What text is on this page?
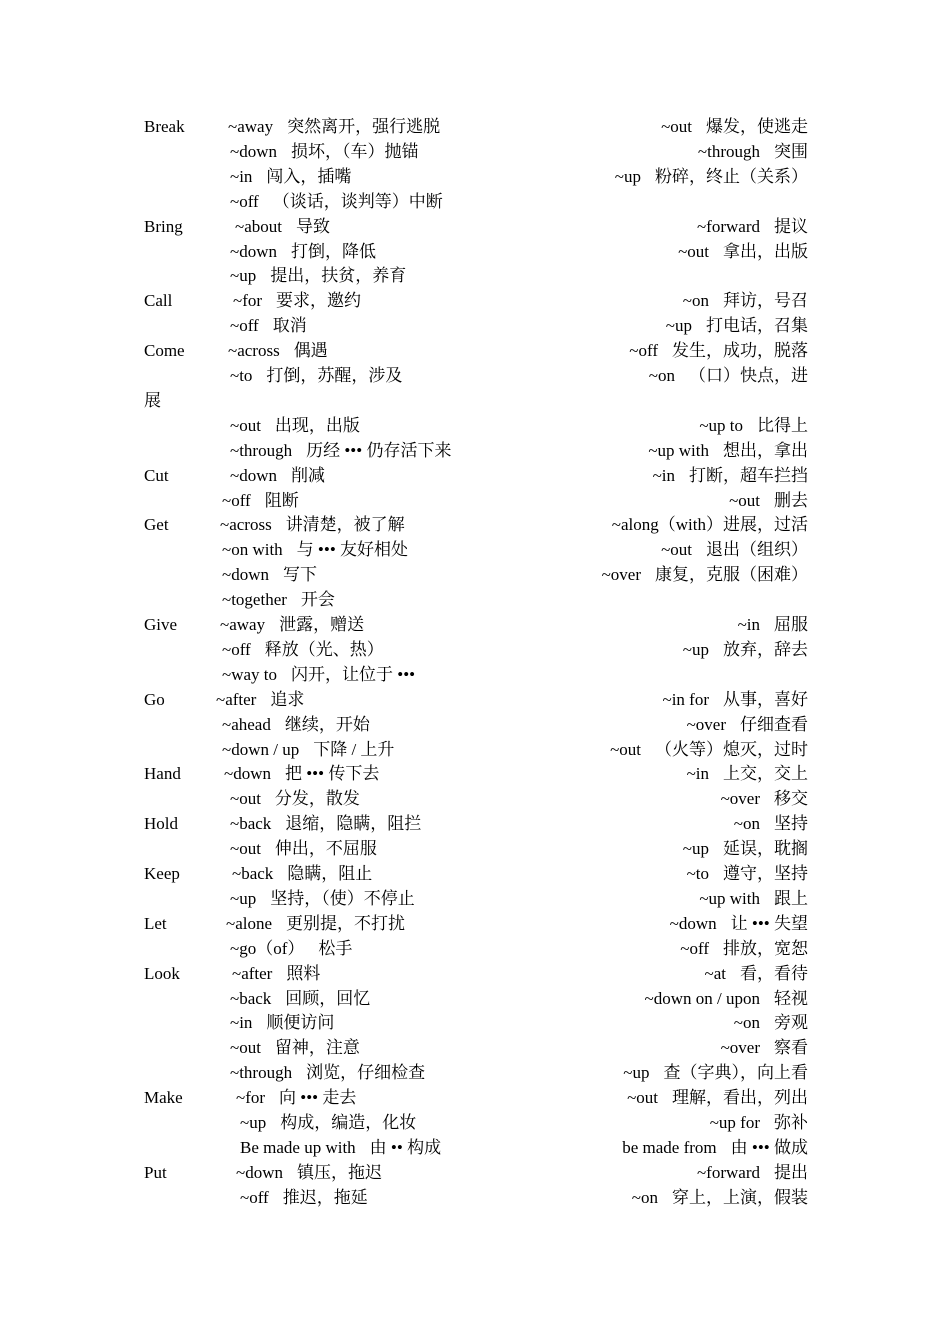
Break	~away 突然离开，强行逃脱	~out 爆发，使逃走
~down 损坏，（车）抛锚	~through 突围
~in 闯入，插嘴	~up 粉碎，终止（关系）
~off （谈话，谈判等）中断
Bring	~about 导致	~forward 提议
~down 打倒，降低	~out 拿出，出版
~up 提出，扶贫，养育
Call	~for 要求，邀约	~on 拜访，号召
~off 取消	~up 打电话，召集
Come	~across 偶遇	~off 发生，成功，脱落
~to 打倒，苏醒，涉及	~on （口）快点，进
展
~out 出现，出版	~up to 比得上
~through 历经 ••• 仍存活下来	~up with 想出，拿出
Cut	~down 削减	~in 打断，超车拦挡
~off 阻断	~out 删去
Get	~across 讲清楚，被了解	~along（with）进展，过活
~on with 与 ••• 友好相处	~out 退出（组织）
~down 写下	~over 康复，克服（困难）
~together 开会
Give	~away 泄露，赠送	~in 屈服
~off 释放（光、热）	~up 放弃，辞去
~way to 闪开，让位于 •••
Go	~after 追求	~in for 从事，喜好
~ahead 继续，开始	~over 仔细查看
~down / up 下降 / 上升	~out （火等）熄灭，过时
Hand	~down 把 ••• 传下去	~in 上交，交上
~out 分发，散发	~over 移交
Hold	~back 退缩，隐瞒，阻拦	~on 坚持
~out 伸出，不屈服	~up 延误，耽搁
Keep	~back 隐瞒，阻止	~to 遵守，坚持
~up 坚持，（使）不停止	~up with 跟上
Let	~alone 更别提，不打扰	~down 让 ••• 失望
~go（of） 松手	~off 排放，宽恕
Look	~after 照料	~at 看，看待
~back 回顾，回忆	~down on / upon 轻视
~in 顺便访问	~on 旁观
~out 留神，注意	~over 察看
~through 浏览，仔细检查	~up 查（字典），向上看
Make	~for 向 ••• 走去	~out 理解，看出，列出
~up 构成，编造，化妆	~up for 弥补
Be made up with 由 •• 构成	be made from 由 ••• 做成
Put	~down 镇压，拖迟	~forward 提出
~off 推迟，拖延	~on 穿上，上演，假装
